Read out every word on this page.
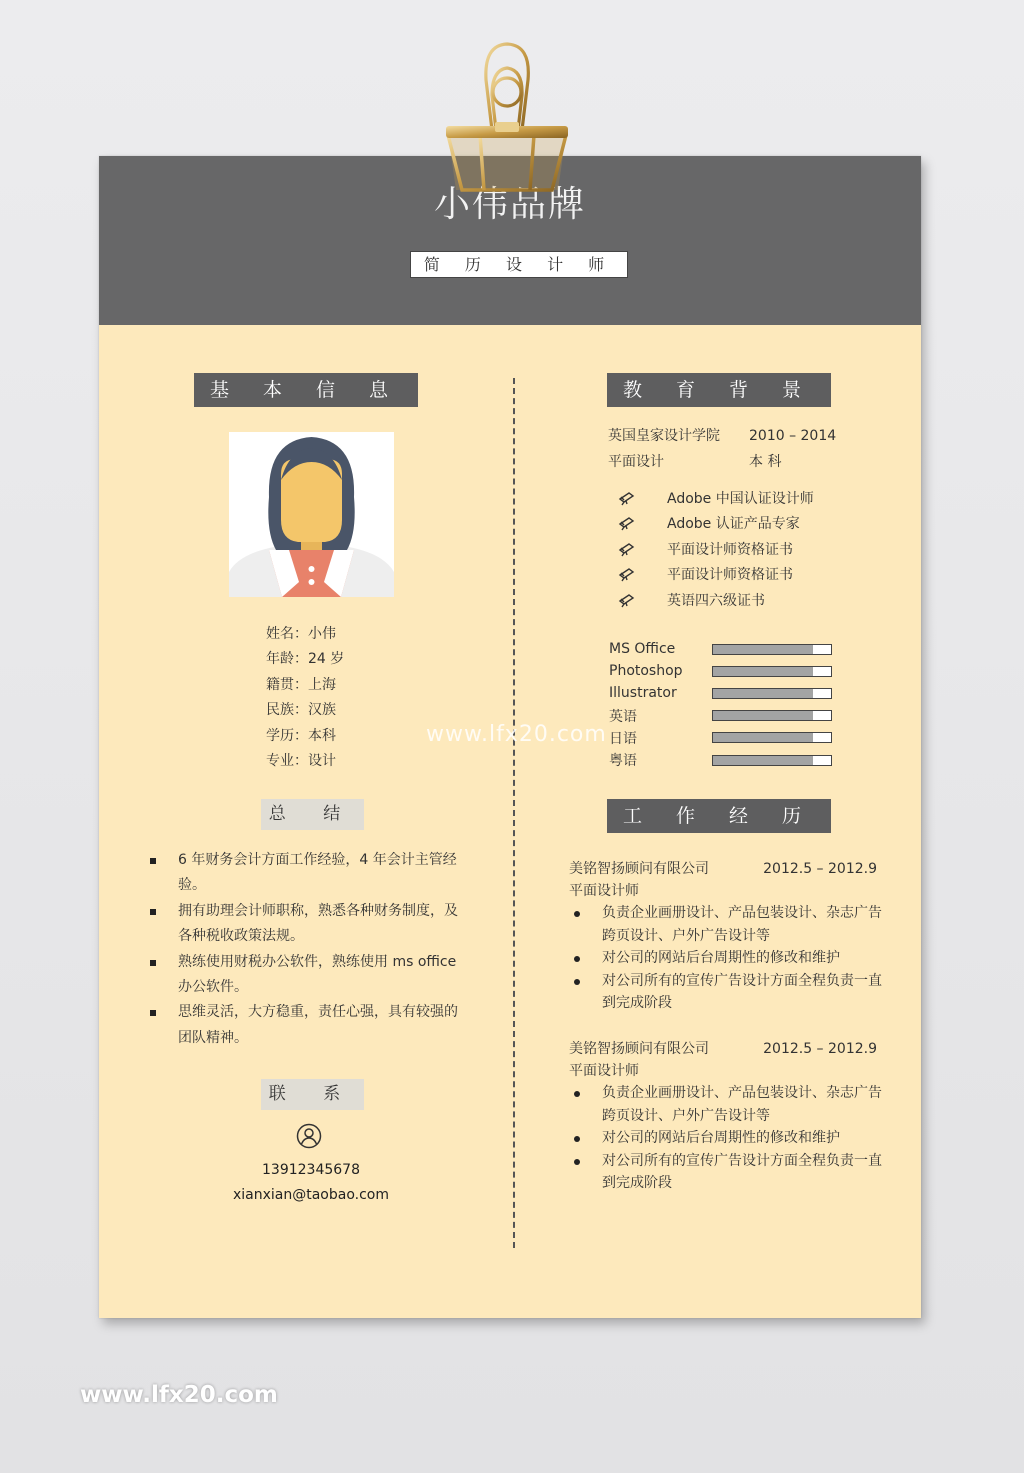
小伟品牌
简 历 设 计 师
基 本 信 息
姓名：小伟
年龄：24 岁
籍贯：上海
民族：汉族
学历：本科
专业：设计
总 结
6 年财务会计方面工作经验，4 年会计主管经验。
拥有助理会计师职称，熟悉各种财务制度，及各种税收政策法规。
熟练使用财税办公软件，熟练使用 ms office 办公软件。
思维灵活，大方稳重，责任心强，具有较强的团队精神。
联 系
13912345678
xianxian@taobao.com
教 育 背 景
英国皇家设计学院	2010 – 2014
平面设计	本 科
Adobe 中国认证设计师
Adobe 认证产品专家
平面设计师资格证书
平面设计师资格证书
英语四六级证书
MS Office
Photoshop
Illustrator
英语
日语
粤语
工 作 经 历
美铭智扬顾问有限公司	2012.5 – 2012.9
平面设计师
负责企业画册设计、产品包装设计、杂志广告跨页设计、户外广告设计等
对公司的网站后台周期性的修改和维护
对公司所有的宣传广告设计方面全程负责一直到完成阶段
美铭智扬顾问有限公司	2012.5 – 2012.9
平面设计师
负责企业画册设计、产品包装设计、杂志广告跨页设计、户外广告设计等
对公司的网站后台周期性的修改和维护
对公司所有的宣传广告设计方面全程负责一直到完成阶段
www.lfx20.com
www.lfx20.com
